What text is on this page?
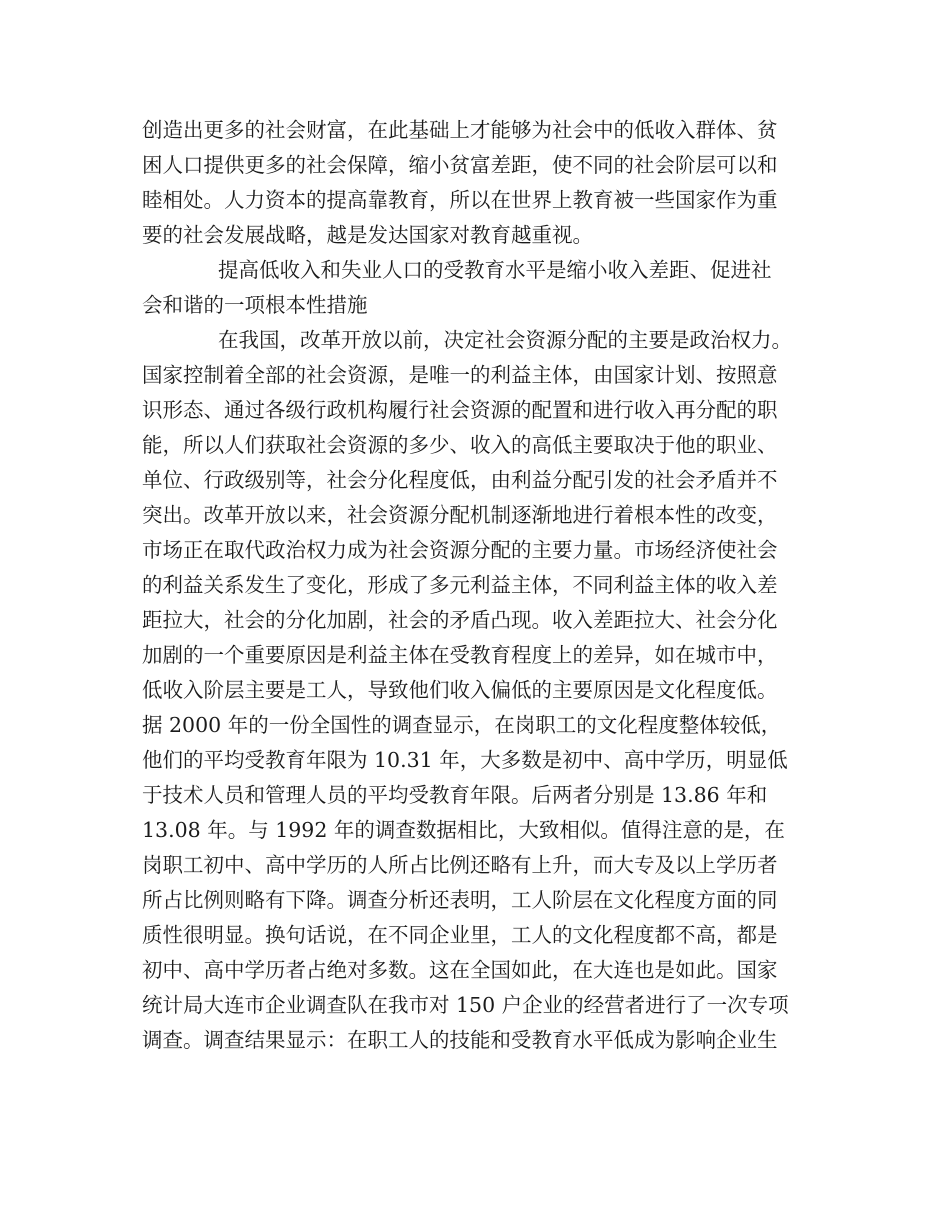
创造出更多的社会财富，在此基础上才能够为社会中的低收入群体、贫
困人口提供更多的社会保障，缩小贫富差距，使不同的社会阶层可以和
睦相处。人力资本的提高靠教育，所以在世界上教育被一些国家作为重
要的社会发展战略，越是发达国家对教育越重视。
提高低收入和失业人口的受教育水平是缩小收入差距、促进社
会和谐的一项根本性措施
在我国，改革开放以前，决定社会资源分配的主要是政治权力。
国家控制着全部的社会资源，是唯一的利益主体，由国家计划、按照意
识形态、通过各级行政机构履行社会资源的配置和进行收入再分配的职
能，所以人们获取社会资源的多少、收入的高低主要取决于他的职业、
单位、行政级别等，社会分化程度低，由利益分配引发的社会矛盾并不
突出。改革开放以来，社会资源分配机制逐渐地进行着根本性的改变，
市场正在取代政治权力成为社会资源分配的主要力量。市场经济使社会
的利益关系发生了变化，形成了多元利益主体，不同利益主体的收入差
距拉大，社会的分化加剧，社会的矛盾凸现。收入差距拉大、社会分化
加剧的一个重要原因是利益主体在受教育程度上的差异，如在城市中，
低收入阶层主要是工人，导致他们收入偏低的主要原因是文化程度低。
据 2000 年的一份全国性的调查显示，在岗职工的文化程度整体较低，
他们的平均受教育年限为 10.31 年，大多数是初中、高中学历，明显低
于技术人员和管理人员的平均受教育年限。后两者分别是 13.86 年和
13.08 年。与 1992 年的调查数据相比，大致相似。值得注意的是，在
岗职工初中、高中学历的人所占比例还略有上升，而大专及以上学历者
所占比例则略有下降。调查分析还表明，工人阶层在文化程度方面的同
质性很明显。换句话说，在不同企业里，工人的文化程度都不高，都是
初中、高中学历者占绝对多数。这在全国如此，在大连也是如此。国家
统计局大连市企业调查队在我市对 150 户企业的经营者进行了一次专项
调查。调查结果显示：在职工人的技能和受教育水平低成为影响企业生
